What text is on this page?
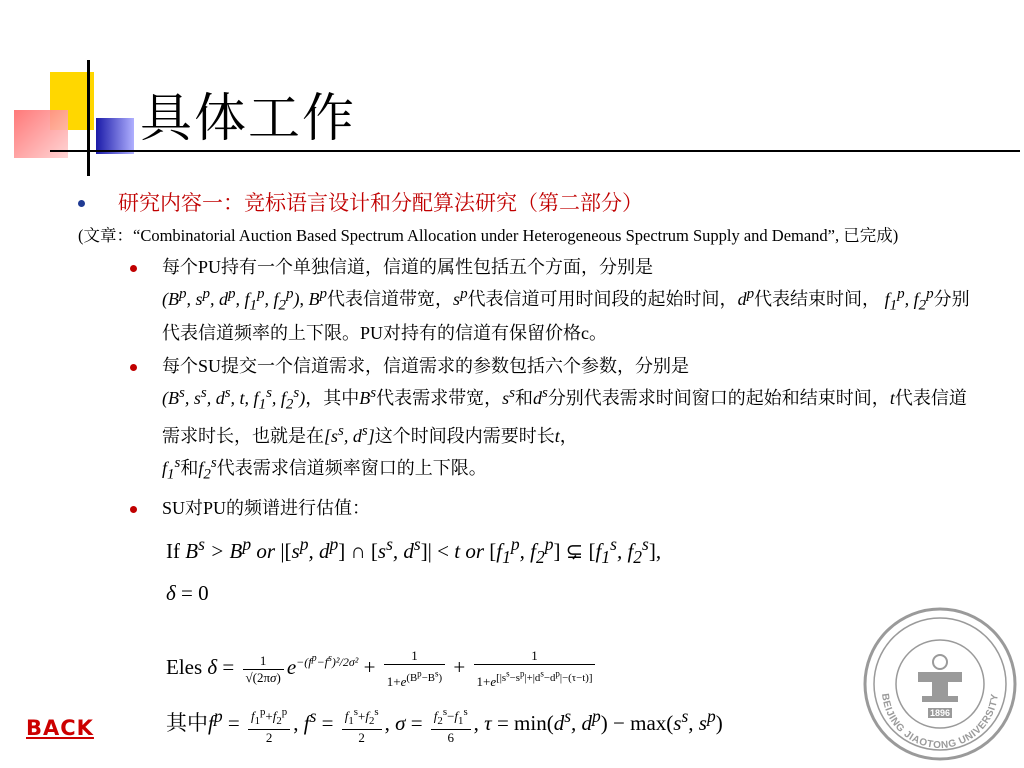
具体工作
研究内容一：竞标语言设计和分配算法研究（第二部分）
(文章：“Combinatorial Auction Based Spectrum Allocation under Heterogeneous Spectrum Supply and Demand”, 已完成)
每个PU持有一个单独信道，信道的属性包括五个方面，分别是
($B^p$, $s^p$, $d^p$, $f_1^p$, $f_2^p$), $B^p$代表信道带宽，$s^p$代表信道可用时间段的起始时间，$d^p$代表结束时间， $f_1^p$, $f_2^p$分别代表信道频率的上下限。PU对持有的信道有保留价格c。
每个SU提交一个信道需求，信道需求的参数包括六个参数，分别是
($B^s$, $s^s$, $d^s$, t, $f_1^s$, $f_2^s$)，其中$B^s$代表需求带宽，$s^s$和$d^s$分别代表需求时间窗口的起始和结束时间，t代表信道需求时长，也就是在[$s^s$, $d^s$]这个时间段内需要时长t，
$f_1^s$和$f_2^s$代表需求信道频率窗口的上下限。
SU对PU的频谱进行估值：
If $B^s > B^p$ or $|[s^p$, $d^p$] ∩ [$s^s$, $d^s]| < t$ or [$f_1^p$, $f_2^p$] ⊊ [$f_1^s$, $f_2^s$],
δ = 0
Eles $\delta = \frac{1}{√(2\pi\sigma)} e^{-(f^p-f^s)^2/2\sigma^2} + \frac{1}{1+e^{(B^p-B^s)}} + \frac{1}{1+e^{[|s^s-s^p|+|d^s-d^p|-(\tau-t)]}}$
其中$f^p = \frac{f_1^p+f_2^p}{2}$ , $f^s = \frac{f_1^s+f_2^s}{2}$ , $\sigma = \frac{f_2^s-f_1^s}{6}$ , $\tau = \min(d^s$, $d^p) - \max(s^s$, $s^p$)
BACK
1896
BEIJING JIAOTONG UNIVERSITY
